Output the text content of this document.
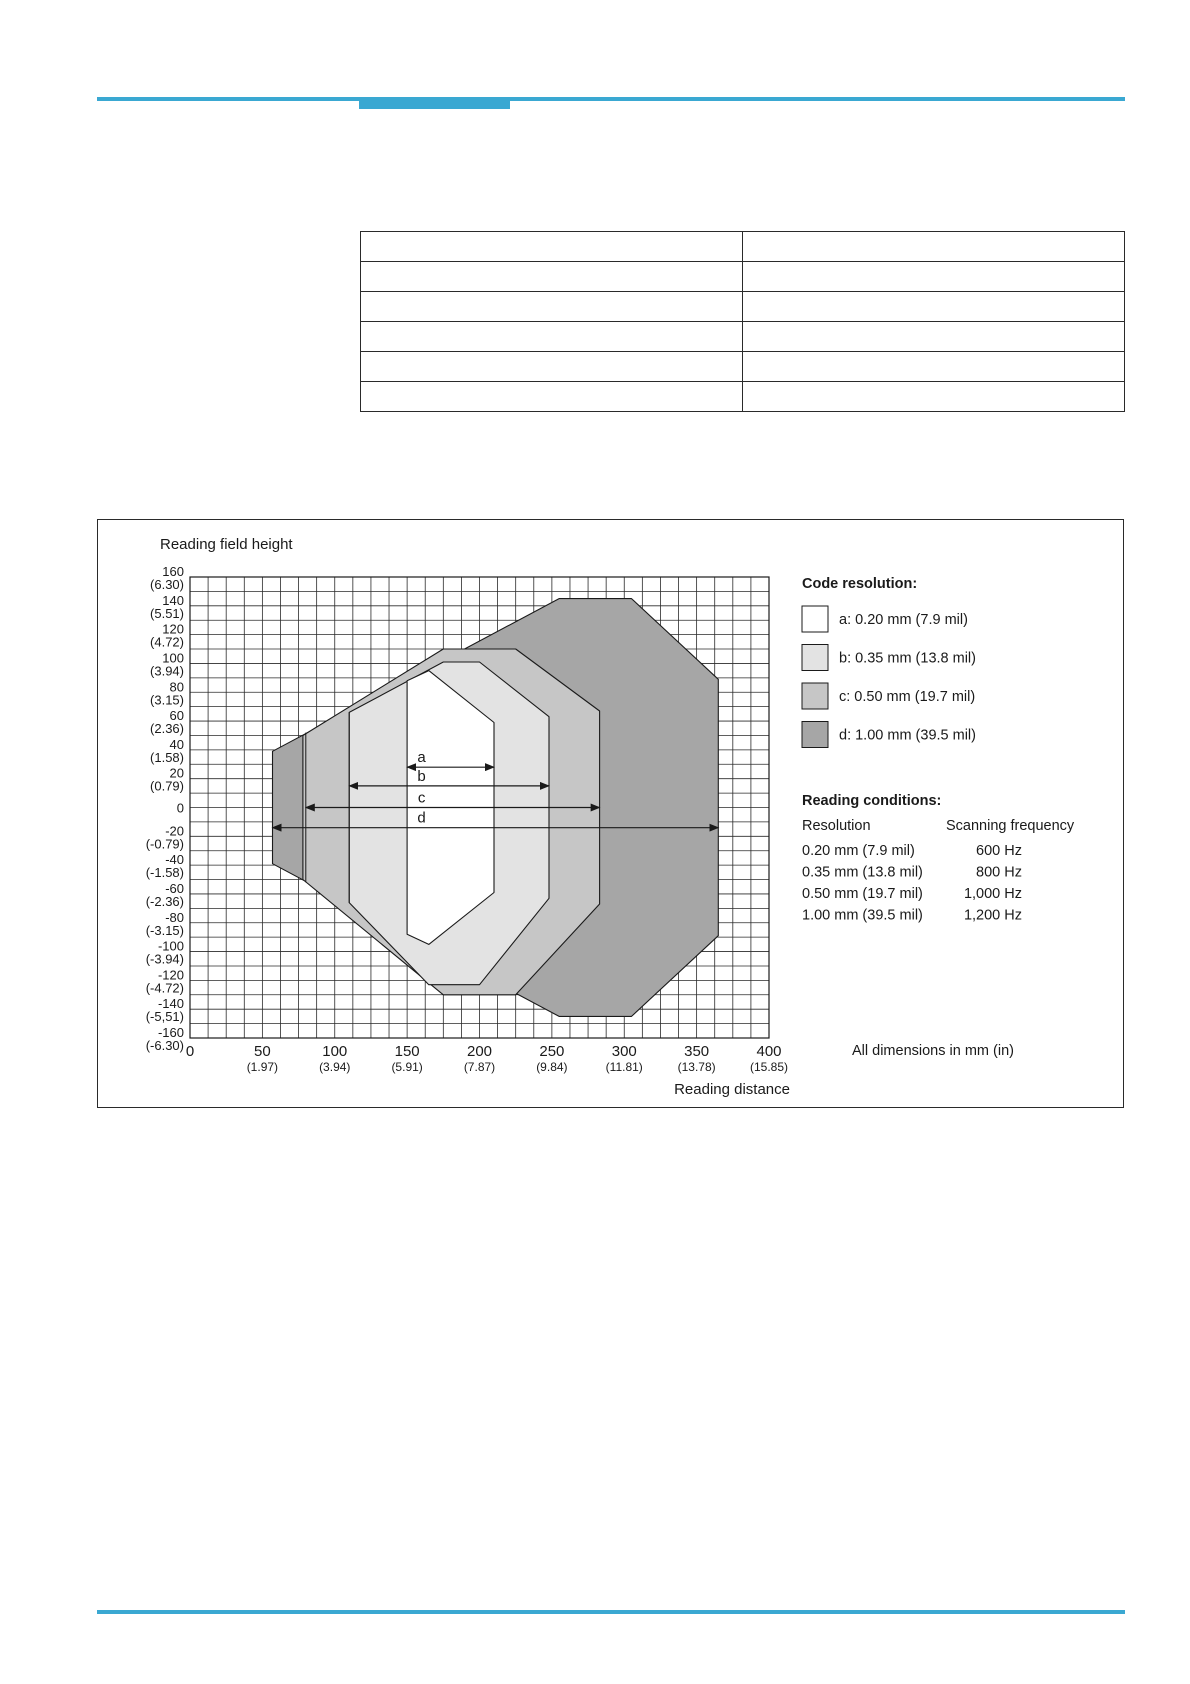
a
b
c
d
Reading field height
160
(6.30)
140
(5.51)
120
(4.72)
100
(3.94)
80
(3.15)
60
(2.36)
40
(1.58)
20
(0.79)
0
-20
(-0.79)
-40
(-1.58)
-60
(-2.36)
-80
(-3.15)
-100
(-3.94)
-120
(-4.72)
-140
(-5,51)
-160
(-6.30) 0	50
(1.97)
100
(3.94)
150
(5.91)
200
(7.87)
250
(9.84)
300
(11.81)
350
(13.78)
400
(15.85)
Reading distance
Code resolution:
a: 0.20 mm (7.9 mil)
b: 0.35 mm (13.8 mil)
c: 0.50 mm (19.7 mil)
d: 1.00 mm (39.5 mil)
Reading conditions:
Resolution	Scanning frequency
0.20 mm (7.9 mil)	600 Hz
0.35 mm (13.8 mil)	800 Hz
0.50 mm (19.7 mil)	1,000 Hz
1.00 mm (39.5 mil)	1,200 Hz
All dimensions in mm (in)
